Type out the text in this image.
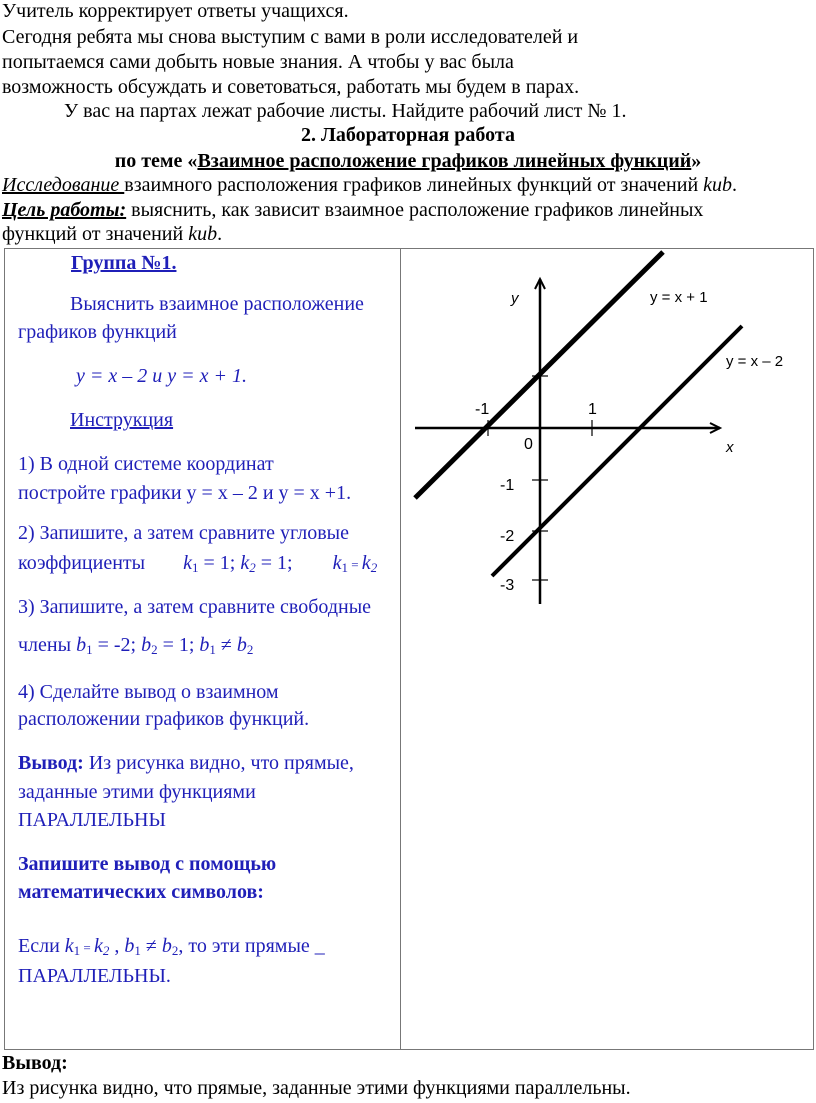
Учитель корректирует ответы учащихся.
Сегодня ребята мы снова выступим с вами в роли исследователей и
попытаемся сами добыть новые знания. А чтобы у вас была
возможность обсуждать и советоваться, работать мы будем в парах.
У вас на партах лежат рабочие листы. Найдите рабочий лист № 1.
2. Лабораторная работа
по теме «Взаимное расположение графиков линейных функций»
Исследование взаимного расположения графиков линейных функций от значений kиb.
Цель работы: выяснить, как зависит взаимное расположение графиков линейных
функций от значений kиb.
Группа №1.
Выяснить взаимное расположение
графиков функций
y = x – 2 и y = x + 1.
Инструкция
1) В одной системе координат
постройте графики y = x – 2 и y = x +1.
2) Запишите, а затем сравните угловые
коэффициенты $k_1 = 1$; $k_2 = 1$; $k_1 = k_2$
3) Запишите, а затем сравните свободные
члены $b_1 = -2$; $b_2 = 1$; $b_1 \ne b_2$
4) Сделайте вывод о взаимном
расположении графиков функций.
Вывод: Из рисунка видно, что прямые,
заданные этими функциями
ПАРАЛЛЕЛЬНЫ
Запишите вывод с помощью
математических символов:
Если $k_1 = k_2$ , $b_1 \ne b_2$, то эти прямые _
ПАРАЛЛЕЛЬНЫ.
y
x
y = x + 1
y = x – 2
-1	1
0
-1
-2
-3
Вывод:
Из рисунка видно, что прямые, заданные этими функциями параллельны.
